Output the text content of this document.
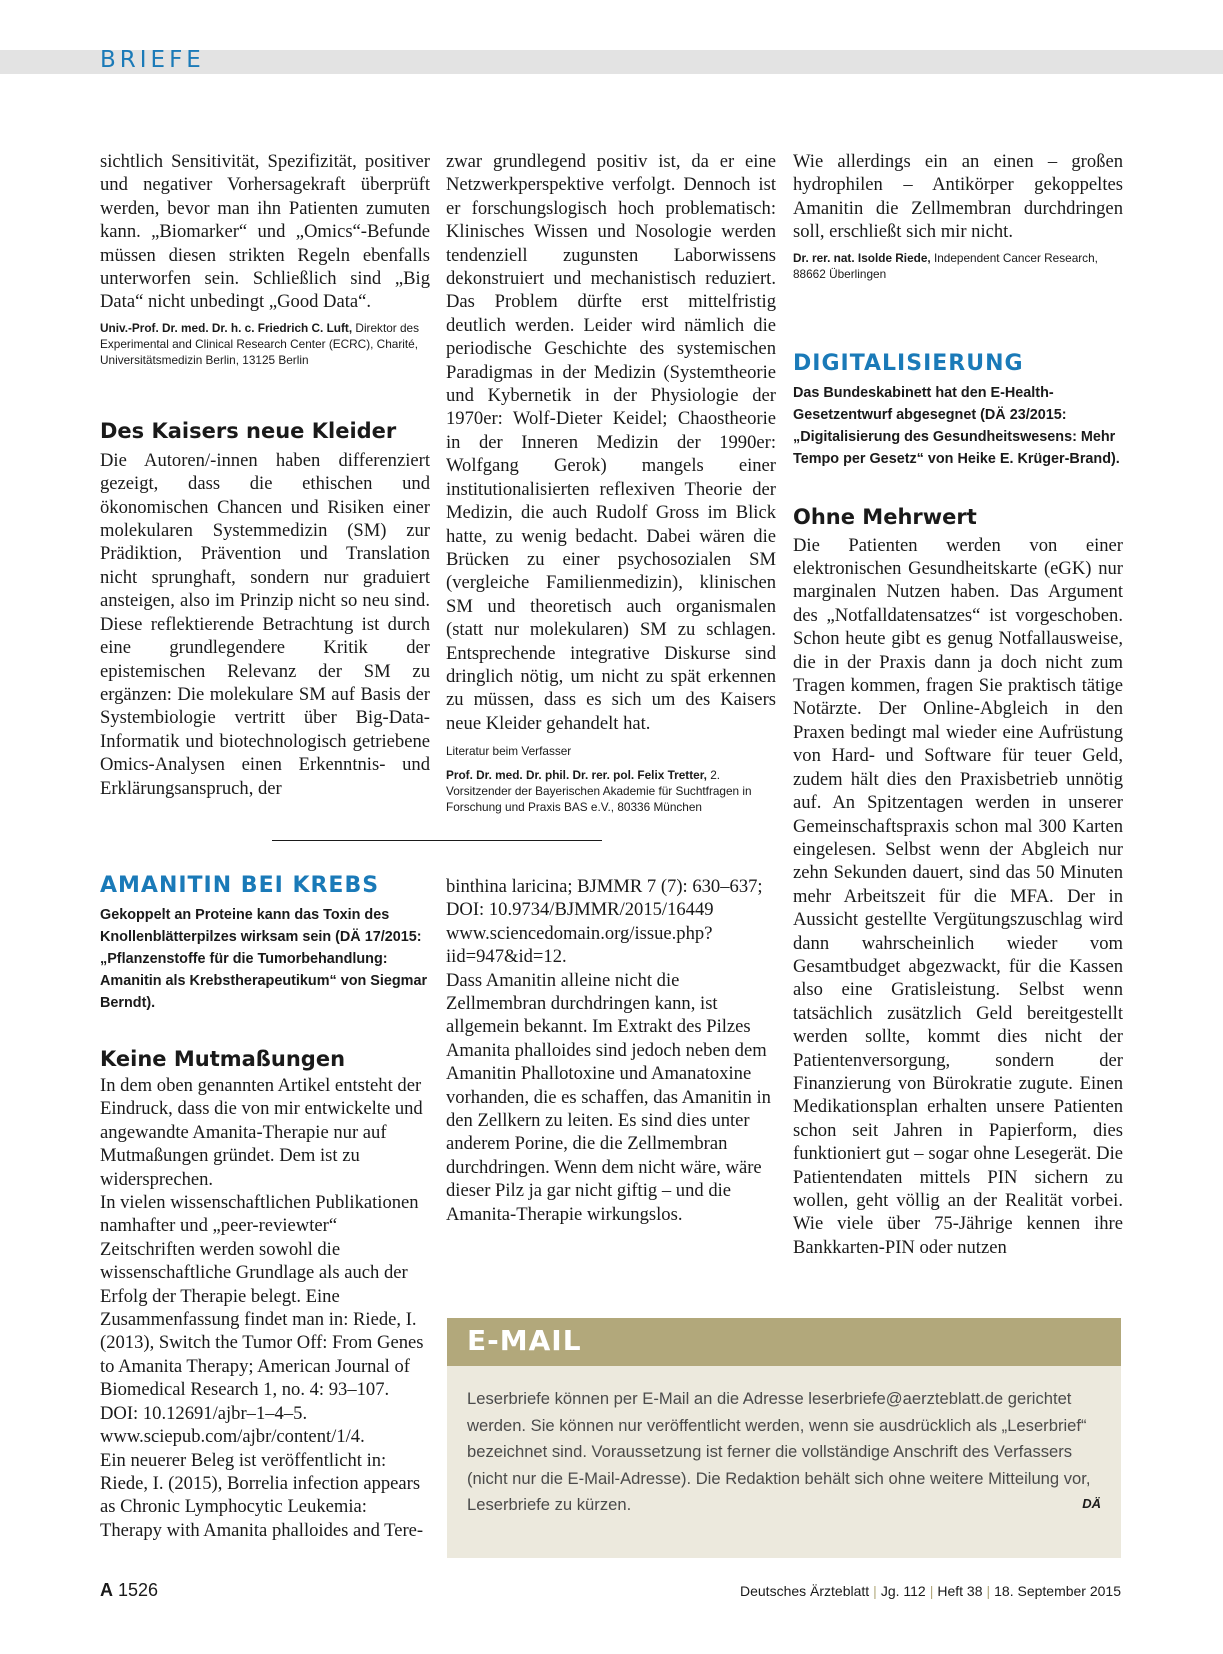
BRIEFE

sichtlich Sensitivität, Spezifizität, positiver und negativer Vorhersagekraft überprüft werden, bevor man ihn Patienten zumuten kann. „Biomarker“ und „Omics“-Befunde müssen diesen strikten Regeln ebenfalls unterworfen sein. Schließlich sind „Big Data“ nicht unbedingt „Good Data“.

Univ.-Prof. Dr. med. Dr. h. c. Friedrich C. Luft, Direktor des Experimental and Clinical Research Center (ECRC), Charité, Universitätsmedizin Berlin, 13125 Berlin

Des Kaisers neue Kleider

Die Autoren/-innen haben differenziert gezeigt, dass die ethischen und ökonomischen Chancen und Risiken einer molekularen Systemmedizin (SM) zur Prädiktion, Prävention und Translation nicht sprunghaft, sondern nur graduiert ansteigen, also im Prinzip nicht so neu sind. Diese reflektierende Betrachtung ist durch eine grundlegendere Kritik der epistemischen Relevanz der SM zu ergänzen: Die molekulare SM auf Basis der Systembiologie vertritt über Big-Data-Informatik und biotechnologisch getriebene Omics-Analysen einen Erkenntnis- und Erklärungsanspruch, der

zwar grundlegend positiv ist, da er eine Netzwerkperspektive verfolgt. Dennoch ist er forschungslogisch hoch problematisch: Klinisches Wissen und Nosologie werden tendenziell zugunsten Laborwissens dekonstruiert und mechanistisch reduziert. Das Problem dürfte erst mittelfristig deutlich werden. Leider wird nämlich die periodische Geschichte des systemischen Paradigmas in der Medizin (Systemtheorie und Kybernetik in der Physiologie der 1970er: Wolf-Dieter Keidel; Chaostheorie in der Inneren Medizin der 1990er: Wolfgang Gerok) mangels einer institutionalisierten reflexiven Theorie der Medizin, die auch Rudolf Gross im Blick hatte, zu wenig bedacht. Dabei wären die Brücken zu einer psychosozialen SM (vergleiche Familienmedizin), klinischen SM und theoretisch auch organismalen (statt nur molekularen) SM zu schlagen. Entsprechende integrative Diskurse sind dringlich nötig, um nicht zu spät erkennen zu müssen, dass es sich um des Kaisers neue Kleider gehandelt hat.

Literatur beim Verfasser

Prof. Dr. med. Dr. phil. Dr. rer. pol. Felix Tretter, 2. Vorsitzender der Bayerischen Akademie für Suchtfragen in Forschung und Praxis BAS e.V., 80336 München

Wie allerdings ein an einen – großen hydrophilen – Antikörper gekoppeltes Amanitin die Zellmembran durchdringen soll, erschließt sich mir nicht.

Dr. rer. nat. Isolde Riede, Independent Cancer Research, 88662 Überlingen

DIGITALISIERUNG

Das Bundeskabinett hat den E-Health-Gesetzentwurf abgesegnet (DÄ 23/2015: „Digitalisierung des Gesundheitswesens: Mehr Tempo per Gesetz“ von Heike E. Krüger-Brand).

Ohne Mehrwert

Die Patienten werden von einer elektronischen Gesundheitskarte (eGK) nur marginalen Nutzen haben. Das Argument des „Notfalldatensatzes“ ist vorgeschoben. Schon heute gibt es genug Notfallausweise, die in der Praxis dann ja doch nicht zum Tragen kommen, fragen Sie praktisch tätige Notärzte. Der Online-Abgleich in den Praxen bedingt mal wieder eine Aufrüstung von Hard- und Software für teuer Geld, zudem hält dies den Praxisbetrieb unnötig auf. An Spitzentagen werden in unserer Gemeinschaftspraxis schon mal 300 Karten eingelesen. Selbst wenn der Abgleich nur zehn Sekunden dauert, sind das 50 Minuten mehr Arbeitszeit für die MFA. Der in Aussicht gestellte Vergütungszuschlag wird dann wahrscheinlich wieder vom Gesamtbudget abgezwackt, für die Kassen also eine Gratisleistung. Selbst wenn tatsächlich zusätzlich Geld bereitgestellt werden sollte, kommt dies nicht der Patientenversorgung, sondern der Finanzierung von Bürokratie zugute. Einen Medikationsplan erhalten unsere Patienten schon seit Jahren in Papierform, dies funktioniert gut – sogar ohne Lesegerät. Die Patientendaten mittels PIN sichern zu wollen, geht völlig an der Realität vorbei. Wie viele über 75-Jährige kennen ihre Bankkarten-PIN oder nutzen

AMANITIN BEI KREBS

Gekoppelt an Proteine kann das Toxin des Knollenblätterpilzes wirksam sein (DÄ 17/2015: „Pflanzenstoffe für die Tumorbehandlung: Amanitin als Krebstherapeutikum“ von Siegmar Berndt).

Keine Mutmaßungen

In dem oben genannten Artikel entsteht der Eindruck, dass die von mir entwickelte und angewandte Amanita-Therapie nur auf Mutmaßungen gründet. Dem ist zu widersprechen.
In vielen wissenschaftlichen Publikationen namhafter und „peer-reviewter“ Zeitschriften werden sowohl die wissenschaftliche Grundlage als auch der Erfolg der Therapie belegt. Eine Zusammenfassung findet man in: Riede, I. (2013), Switch the Tumor Off: From Genes to Amanita Therapy; American Journal of Biomedical Research 1, no. 4: 93–107. DOI: 10.12691/ajbr–1–4–5. www.sciepub.com/ajbr/content/1/4.
Ein neuerer Beleg ist veröffentlicht in: Riede, I. (2015), Borrelia infection appears as Chronic Lymphocytic Leukemia: Therapy with Amanita phalloides and Tere-

binthina laricina; BJMMR 7 (7): 630–637; DOI: 10.9734/BJMMR/2015/16449 www.sciencedomain.org/issue.php?iid=947&id=12.
Dass Amanitin alleine nicht die Zellmembran durchdringen kann, ist allgemein bekannt. Im Extrakt des Pilzes Amanita phalloides sind jedoch neben dem Amanitin Phallotoxine und Amanatoxine vorhanden, die es schaffen, das Amanitin in den Zellkern zu leiten. Es sind dies unter anderem Porine, die die Zellmembran durchdringen. Wenn dem nicht wäre, wäre dieser Pilz ja gar nicht giftig – und die Amanita-Therapie wirkungslos.

E-MAIL

Leserbriefe können per E-Mail an die Adresse leserbriefe@aerzteblatt.de gerichtet werden. Sie können nur veröffentlicht werden, wenn sie ausdrücklich als „Leserbrief“ bezeichnet sind. Voraussetzung ist ferner die vollständige Anschrift des Verfassers (nicht nur die E-Mail-Adresse). Die Redaktion behält sich ohne weitere Mitteilung vor, Leserbriefe zu kürzen.	DÄ
A 1526	Deutsches Ärzteblatt | Jg. 112 | Heft 38 | 18. September 2015
